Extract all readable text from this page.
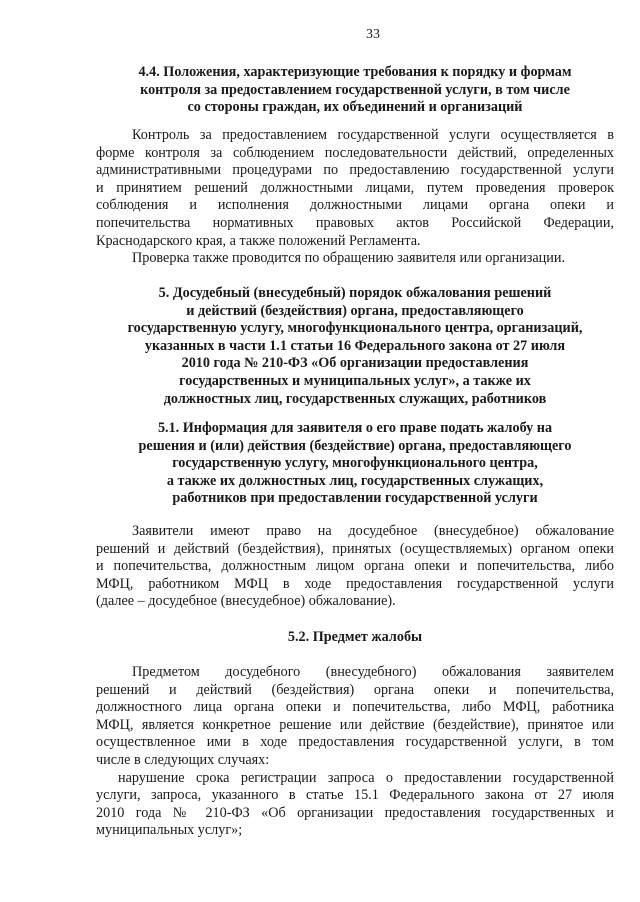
33
4.4. Положения, характеризующие требования к порядку и формам
контроля за предоставлением государственной услуги, в том числе
со стороны граждан, их объединений и организаций
Контроль за предоставлением государственной услуги осуществляется в
форме контроля за соблюдением последовательности действий, определенных
административными процедурами по предоставлению государственной услуги
и принятием решений должностными лицами, путем проведения проверок
соблюдения и исполнения должностными лицами органа опеки и
попечительства нормативных правовых актов Российской Федерации,
Краснодарского края, а также положений Регламента.
Проверка также проводится по обращению заявителя или организации.
5. Досудебный (внесудебный) порядок обжалования решений
и действий (бездействия) органа, предоставляющего
государственную услугу, многофункционального центра, организаций,
указанных в части 1.1 статьи 16 Федерального закона от 27 июля
2010 года № 210-ФЗ «Об организации предоставления
государственных и муниципальных услуг», а также их
должностных лиц, государственных служащих, работников
5.1. Информация для заявителя о его праве подать жалобу на
решения и (или) действия (бездействие) органа, предоставляющего
государственную услугу, многофункционального центра,
а также их должностных лиц, государственных служащих,
работников при предоставлении государственной услуги
Заявители имеют право на досудебное (внесудебное) обжалование
решений и действий (бездействия), принятых (осуществляемых) органом опеки
и попечительства, должностным лицом органа опеки и попечительства, либо
МФЦ, работником МФЦ в ходе предоставления государственной услуги
(далее – досудебное (внесудебное) обжалование).
5.2. Предмет жалобы
Предметом досудебного (внесудебного) обжалования заявителем
решений и действий (бездействия) органа опеки и попечительства,
должностного лица органа опеки и попечительства, либо МФЦ, работника
МФЦ, является конкретное решение или действие (бездействие), принятое или
осуществленное ими в ходе предоставления государственной услуги, в том
числе в следующих случаях:
нарушение срока регистрации запроса о предоставлении государственной
услуги, запроса, указанного в статье 15.1 Федерального закона от 27 июля
2010 года № 210-ФЗ «Об организации предоставления государственных и
муниципальных услуг»;
